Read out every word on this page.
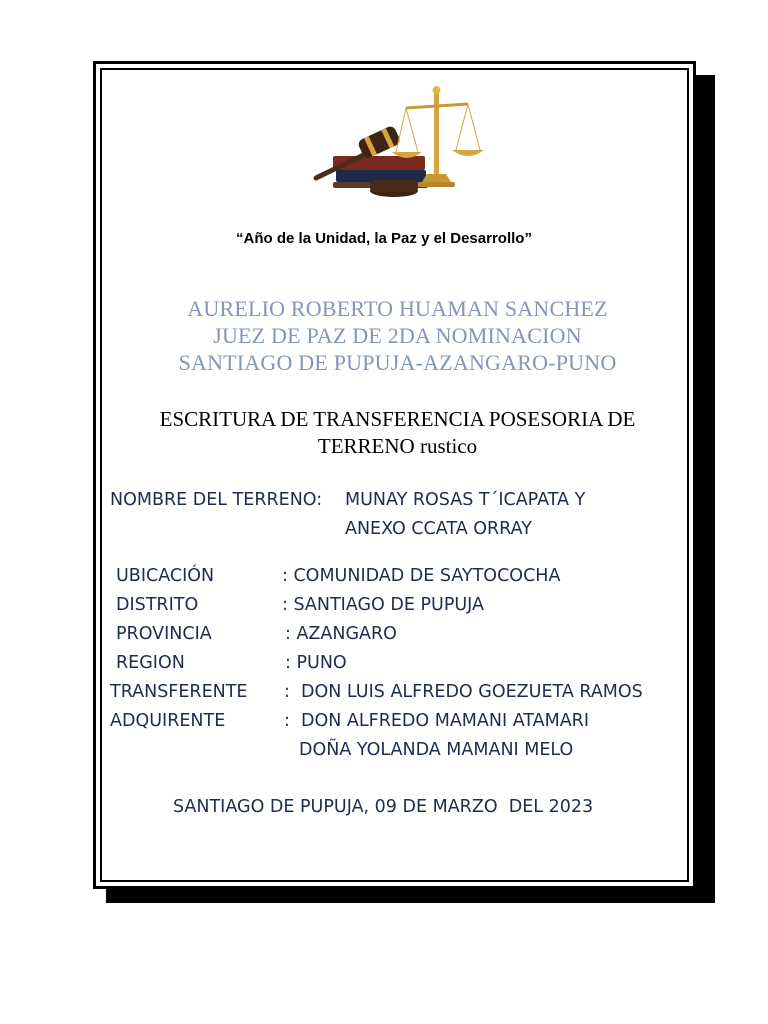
“Año de la Unidad, la Paz y el Desarrollo”
AURELIO ROBERTO HUAMAN SANCHEZ
JUEZ DE PAZ DE 2DA NOMINACION
SANTIAGO DE PUPUJA-AZANGARO-PUNO
ESCRITURA DE TRANSFERENCIA POSESORIA DE
TERRENO rustico
NOMBRE DEL TERRENO: MUNAY ROSAS T´ICAPATA Y
ANEXO CCATA ORRAY
UBICACIÓN	: COMUNIDAD DE SAYTOCOCHA
DISTRITO	: SANTIAGO DE PUPUJA
PROVINCIA	: AZANGARO
REGION	: PUNO
TRANSFERENTE :  DON LUIS ALFREDO GOEZUETA RAMOS
ADQUIRENTE	:  DON ALFREDO MAMANI ATAMARI
DOÑA YOLANDA MAMANI MELO
SANTIAGO DE PUPUJA, 09 DE MARZO  DEL 2023
